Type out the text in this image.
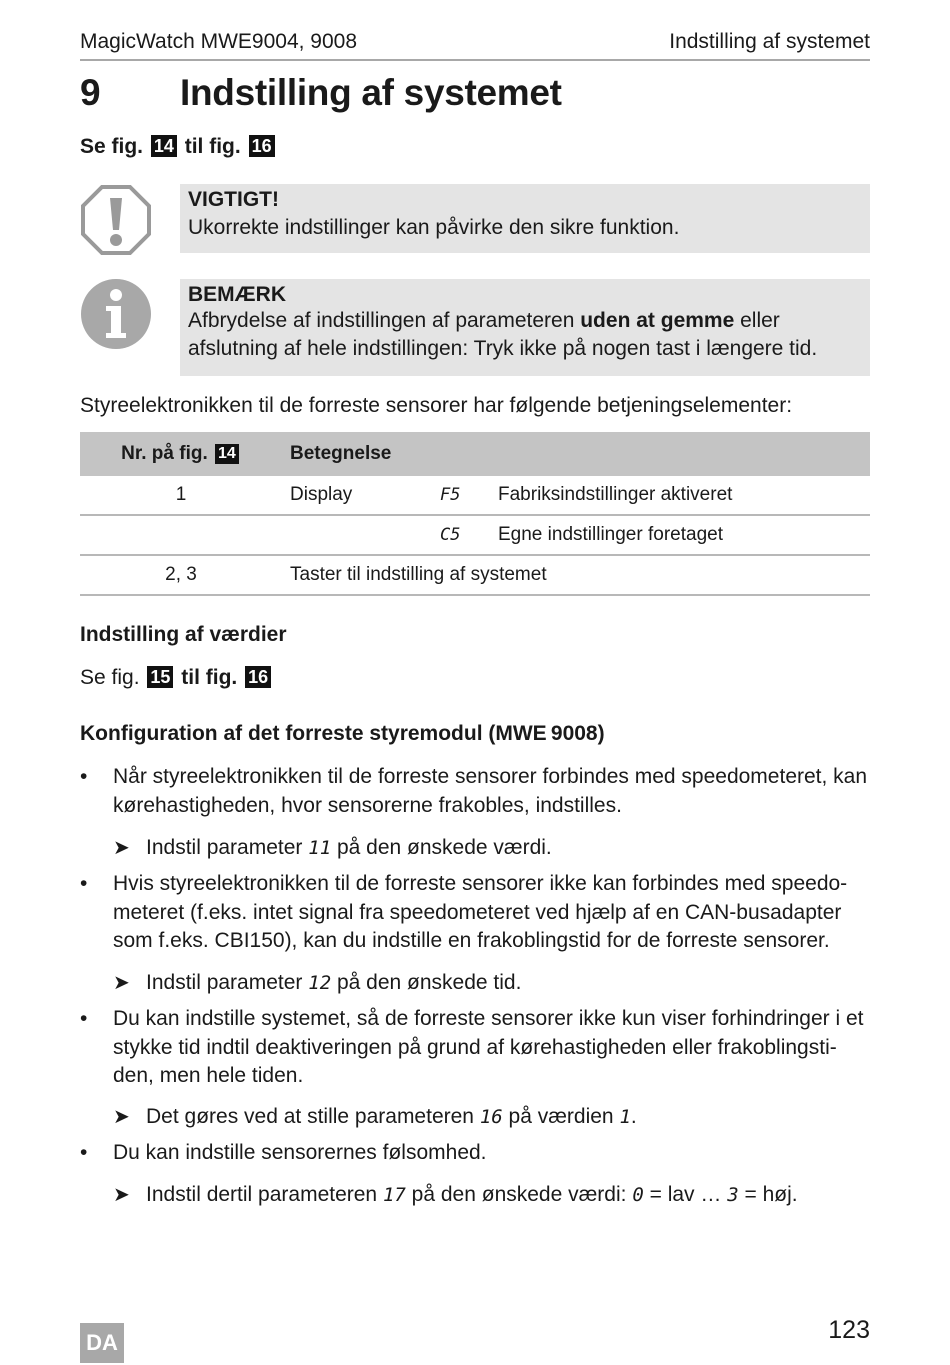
MagicWatch MWE9004, 9008	Indstilling af systemet
9 Indstilling af systemet
Se fig. 14 til fig. 16
VIGTIGT!
Ukorrekte indstillinger kan påvirke den sikre funktion.
BEMÆRK
Afbrydelse af indstillingen af parameteren uden at gemme eller afslutning af hele indstillingen: Tryk ikke på nogen tast i længere tid.
Styreelektronikken til de forreste sensorer har følgende betjeningselementer:
Nr. på fig. 14	Betegnelse		
1	Display	F5	Fabriksindstillinger aktiveret
		C5	Egne indstillinger foretaget
2, 3	Taster til indstilling af systemet		
Indstilling af værdier
Se fig. 15 til fig. 16
Konfiguration af det forreste styremodul (MWE 9008)
• Når styreelektronikken til de forreste sensorer forbindes med speedometeret, kan kørehastigheden, hvor sensorerne frakobles, indstilles.
➤ Indstil parameter 11 på den ønskede værdi.
• Hvis styreelektronikken til de forreste sensorer ikke kan forbindes med speedo-meteret (f.eks. intet signal fra speedometeret ved hjælp af en CAN-busadapter som f.eks. CBI150), kan du indstille en frakoblingstid for de forreste sensorer.
➤ Indstil parameter 12 på den ønskede tid.
• Du kan indstille systemet, så de forreste sensorer ikke kun viser forhindringer i et stykke tid indtil deaktiveringen på grund af kørehastigheden eller frakoblingsti-den, men hele tiden.
➤ Det gøres ved at stille parameteren 16 på værdien 1.
• Du kan indstille sensorernes følsomhed.
➤ Indstil dertil parameteren 17 på den ønskede værdi: 0 = lav … 3 = høj.
DA	123
